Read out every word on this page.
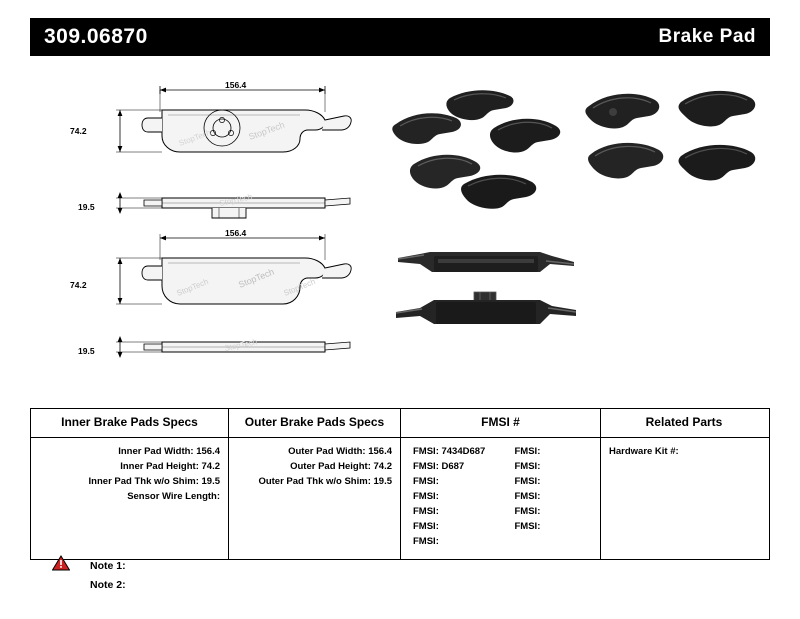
309.06870	Brake Pad
StopTech
StopTech
156.4
74.2
StopTech
19.5
StopTech
StopTech	StopTech
156.4
74.2
StopTech
19.5
Inner Brake Pads Specs	Outer Brake Pads Specs	FMSI #	Related Parts
Inner Pad Width: 156.4
Inner Pad Height: 74.2
Inner Pad Thk w/o Shim: 19.5
Sensor Wire Length:
Outer Pad Width: 156.4
Outer Pad Height: 74.2
Outer Pad Thk w/o Shim: 19.5
FMSI: 7434D687	FMSI:
FMSI: D687	FMSI:
FMSI:	FMSI:
FMSI:	FMSI:
FMSI:	FMSI:
FMSI:	FMSI:
FMSI:
Hardware Kit #:
Note 1:
Note 2:
